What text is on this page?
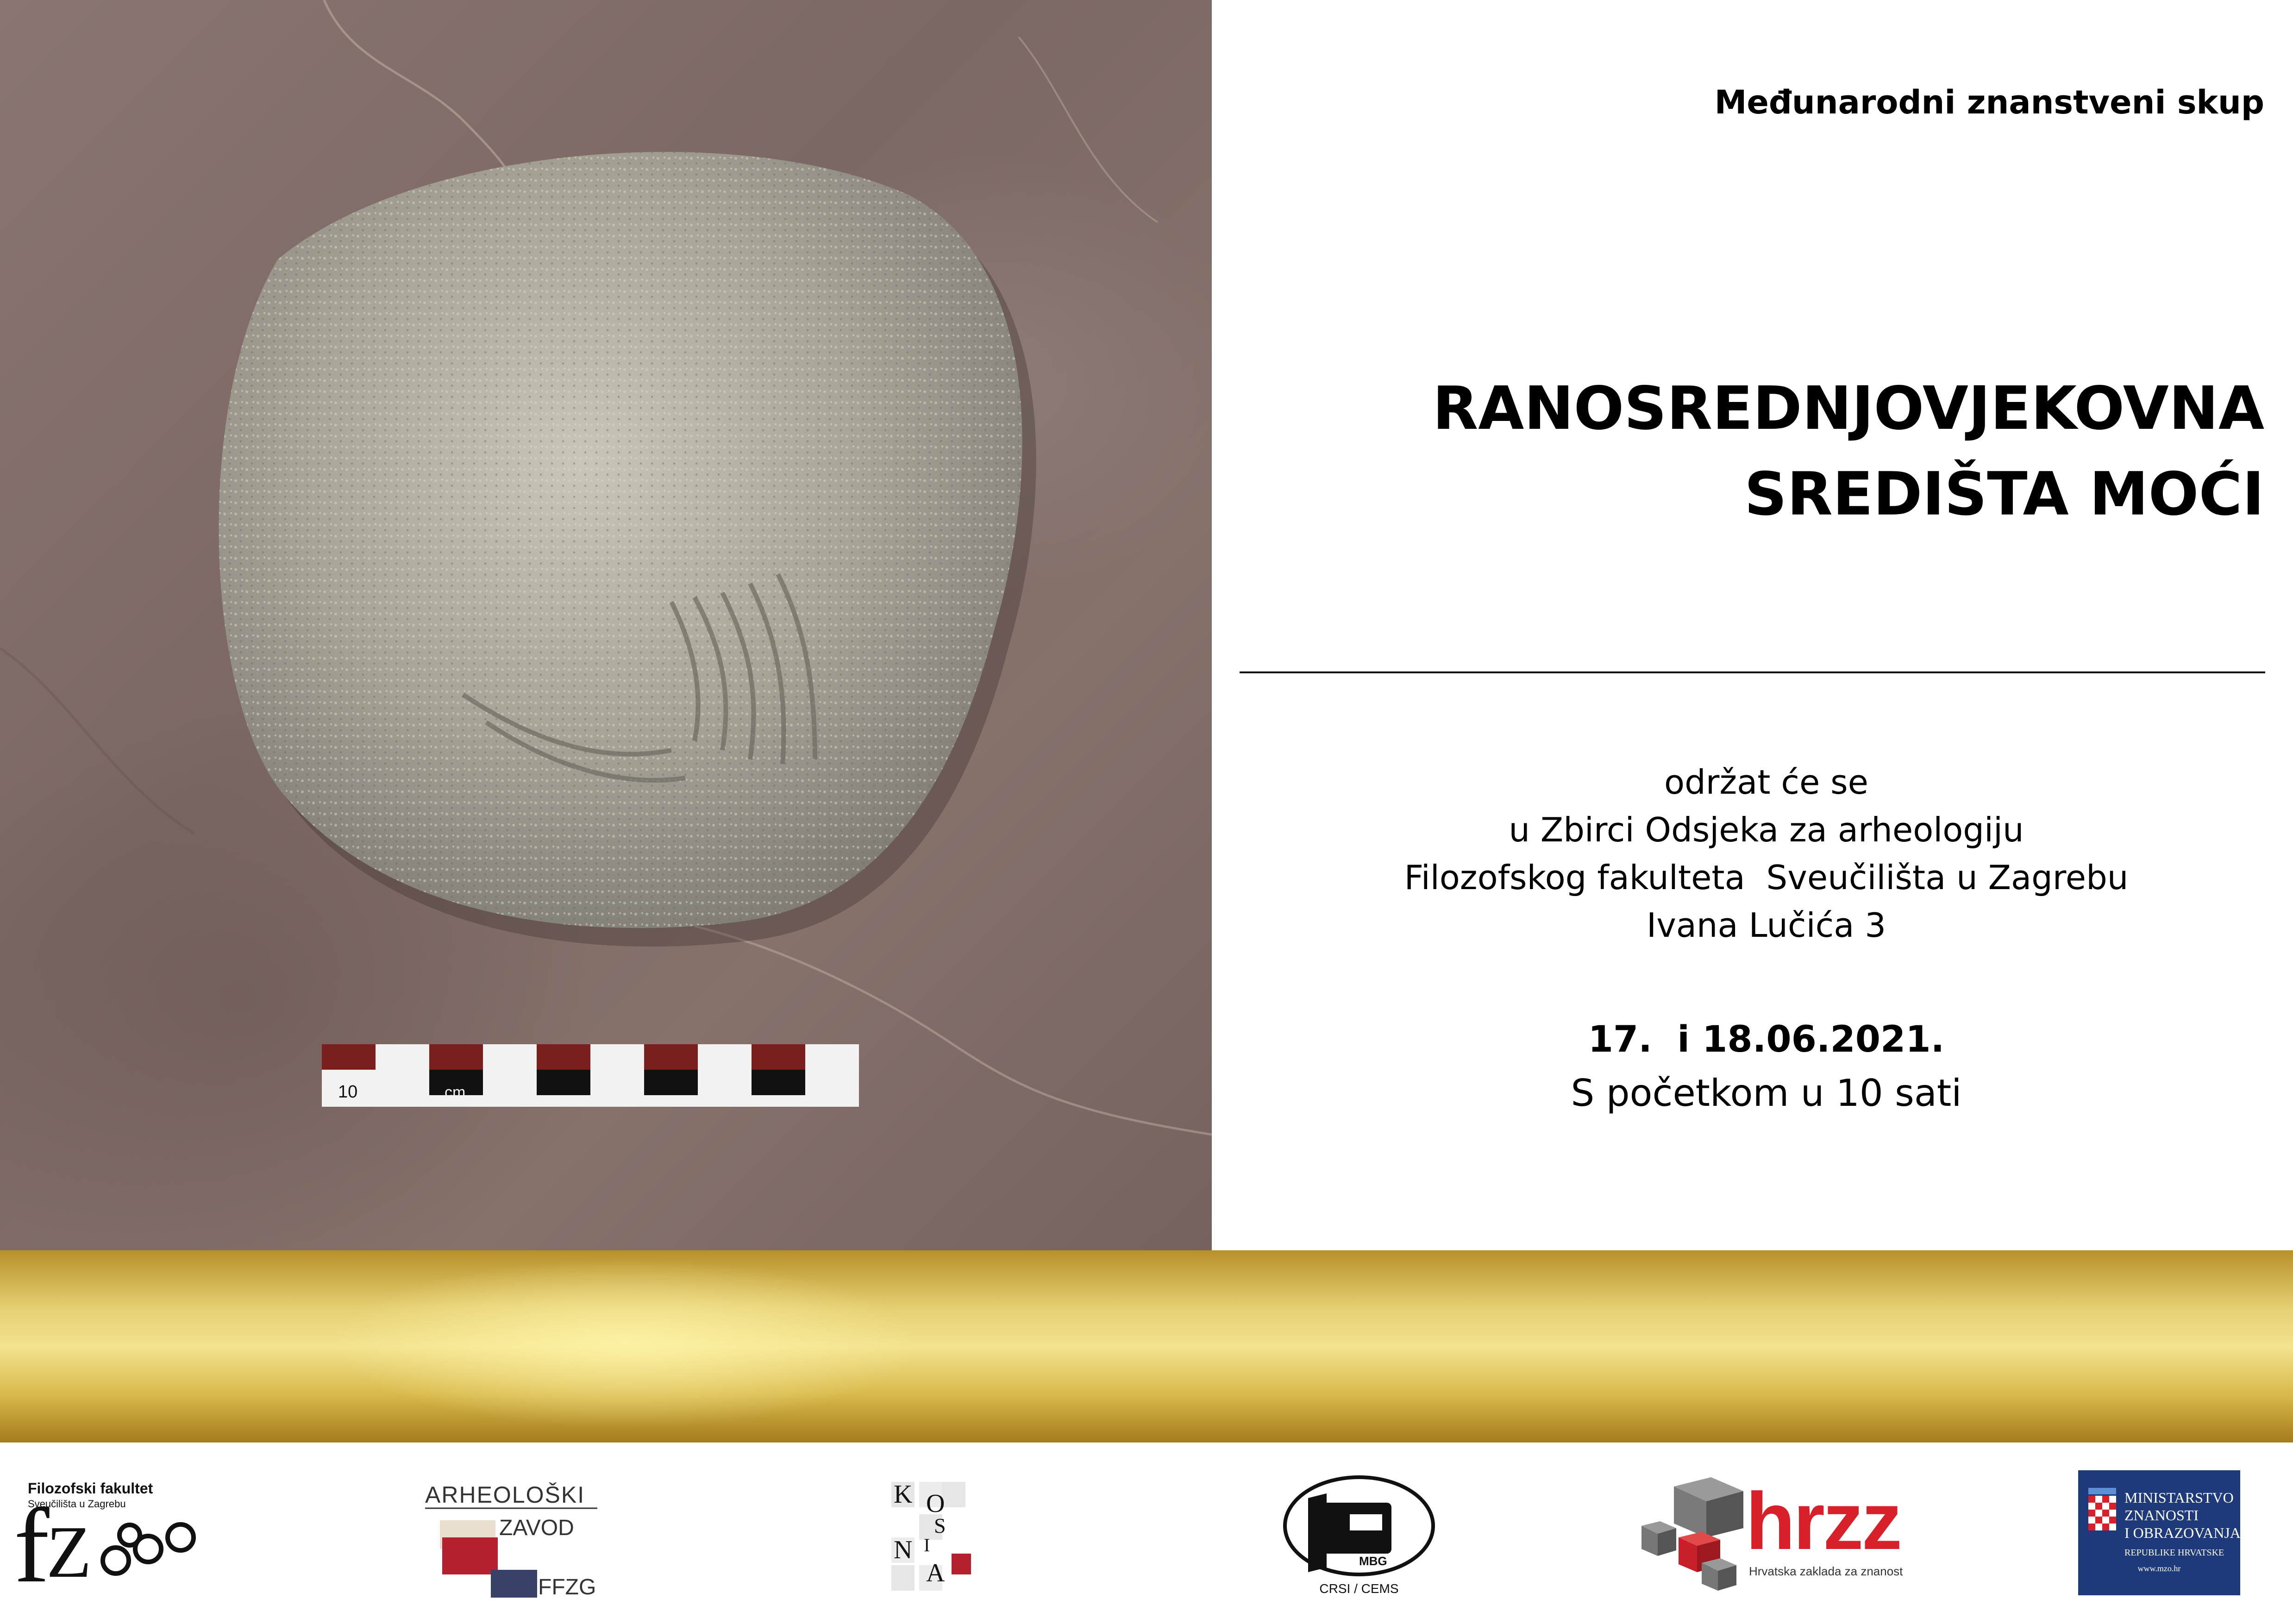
10	cm
Međunarodni znanstveni skup
RANOSREDNJOVJEKOVNA
SREDIŠTA MOĆI
održat će se
u Zbirci Odsjeka za arheologiju
Filozofskog fakulteta  Sveučilišta u Zagrebu
Ivana Lučića 3
17.  i 18.06.2021.
S početkom u 10 sati
f
Z
Filozofski fakultet
Sveučilišta u Zagrebu	ARHEOLOŠKI
ZAVOD
FFZG
K O
S
N I
A	MBG
CRSI / CEMS
hrzz
Hrvatska zaklada za znanost
MINISTARSTVO
ZNANOSTI
I OBRAZOVANJA
REPUBLIKE HRVATSKE
www.mzo.hr
